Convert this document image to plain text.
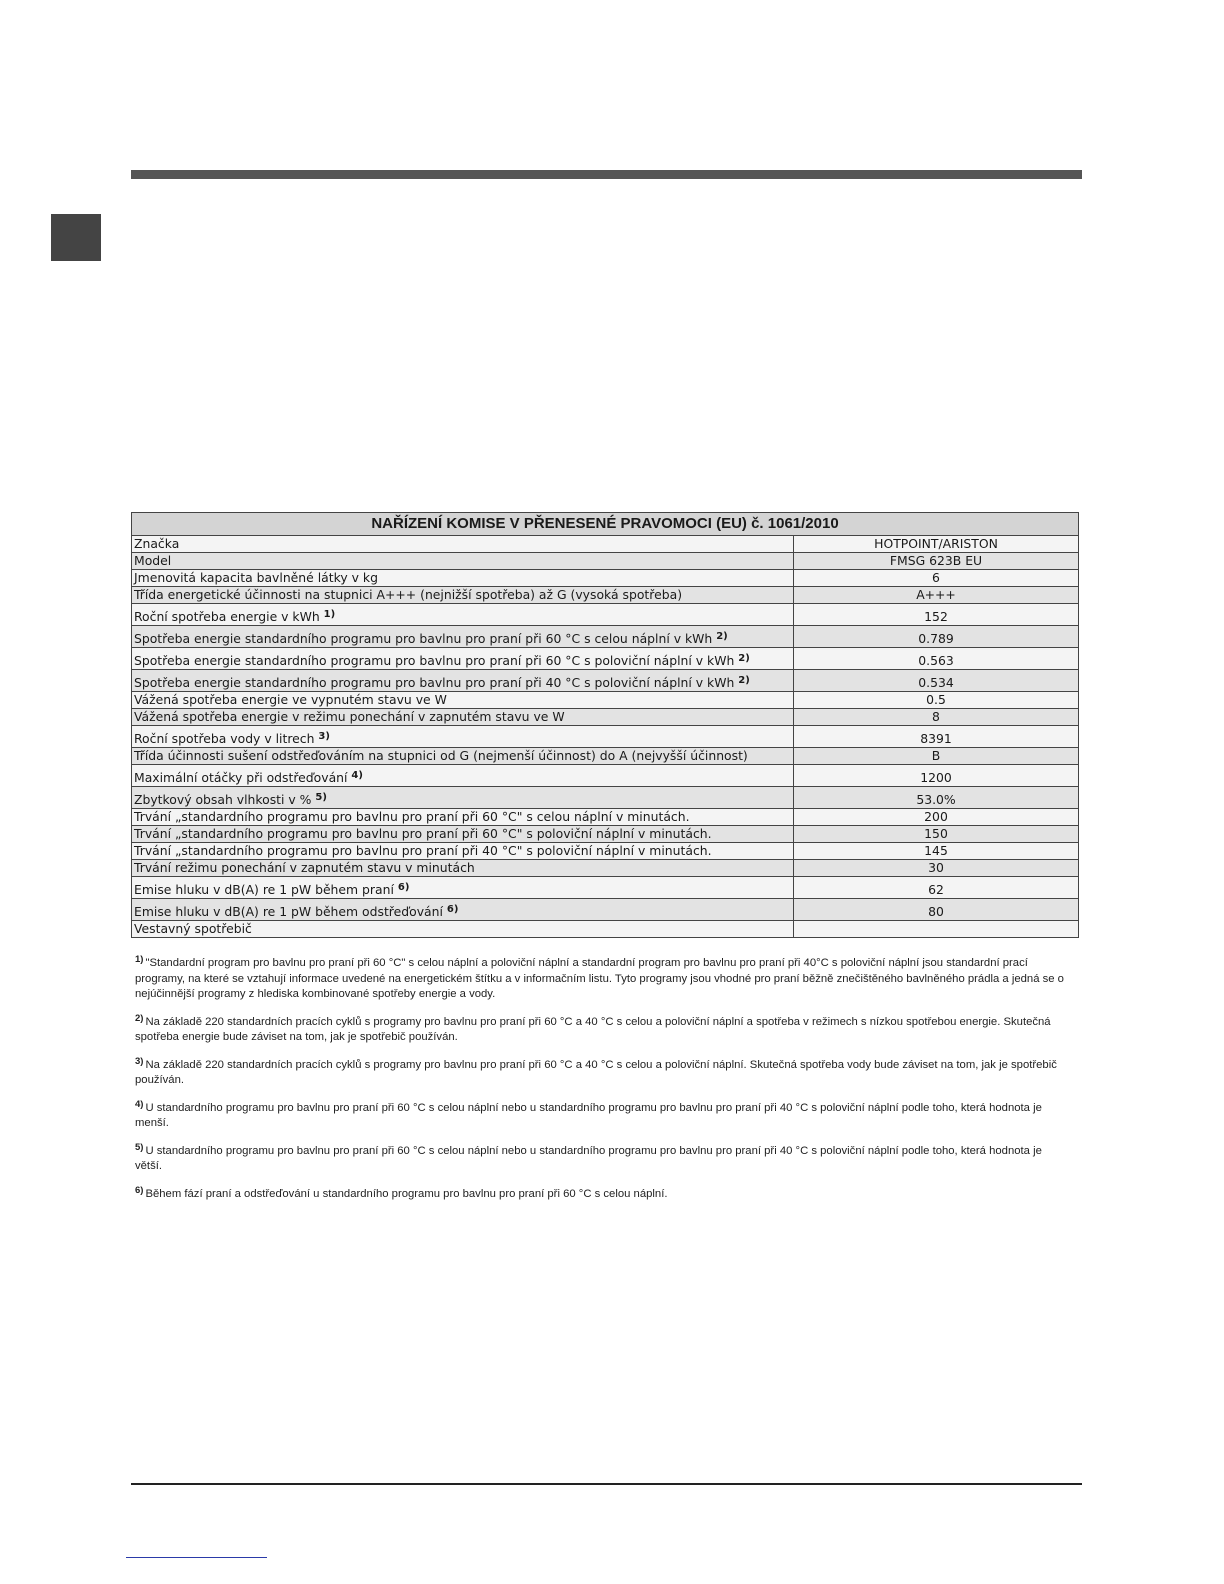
NAŘÍZENÍ KOMISE V PŘENESENÉ PRAVOMOCI (EU) č. 1061/2010	
Značka	HOTPOINT/ARISTON
Model	FMSG 623B EU
Jmenovitá kapacita bavlněné látky v kg	6
Třída energetické účinnosti na stupnici A+++ (nejnižší spotřeba) až G (vysoká spotřeba)	A+++
Roční spotřeba energie v kWh $^{1)}$	152
Spotřeba energie standardního programu pro bavlnu pro praní při 60 °C s celou náplní v kWh $^{2)}$	0.789
Spotřeba energie standardního programu pro bavlnu pro praní při 60 °C s poloviční náplní v kWh $^{2)}$	0.563
Spotřeba energie standardního programu pro bavlnu pro praní při 40 °C s poloviční náplní v kWh $^{2)}$	0.534
Vážená spotřeba energie ve vypnutém stavu ve W	0.5
Vážená spotřeba energie v režimu ponechání v zapnutém stavu ve W	8
Roční spotřeba vody v litrech $^{3)}$	8391
Třída účinnosti sušení odstřeďováním na stupnici od G (nejmenší účinnost) do A (nejvyšší účinnost)	B
Maximální otáčky při odstřeďování $^{4)}$	1200
Zbytkový obsah vlhkosti v % $^{5)}$	53.0%
Trvání „standardního programu pro bavlnu pro praní při 60 °C" s celou náplní v minutách.	200
Trvání „standardního programu pro bavlnu pro praní při 60 °C" s poloviční náplní v minutách.	150
Trvání „standardního programu pro bavlnu pro praní při 40 °C" s poloviční náplní v minutách.	145
Trvání režimu ponechání v zapnutém stavu v minutách	30
Emise hluku v dB(A) re 1 pW během praní $^{6)}$	62
Emise hluku v dB(A) re 1 pW během odstřeďování $^{6)}$	80
Vestavný spotřebič	

$^{1)}$ "Standardní program pro bavlnu pro praní při 60 °C" s celou náplní a poloviční náplní a standardní program pro bavlnu pro praní při 40°C s poloviční náplní jsou standardní prací programy, na které se vztahují informace uvedené na energetickém štítku a v informačním listu. Tyto programy jsou vhodné pro praní běžně znečištěného bavlněného prádla a jedná se o nejúčinnější programy z hlediska kombinované spotřeby energie a vody.

$^{2)}$ Na základě 220 standardních pracích cyklů s programy pro bavlnu pro praní při 60 °C a 40 °C s celou a poloviční náplní a spotřeba v režimech s nízkou spotřebou energie. Skutečná spotřeba energie bude záviset na tom, jak je spotřebič používán.

$^{3)}$ Na základě 220 standardních pracích cyklů s programy pro bavlnu pro praní při 60 °C a 40 °C s celou a poloviční náplní. Skutečná spotřeba vody bude záviset na tom, jak je spotřebič používán.

$^{4)}$ U standardního programu pro bavlnu pro praní při 60 °C s celou náplní nebo u standardního programu pro bavlnu pro praní při 40 °C s poloviční náplní podle toho, která hodnota je menší.

$^{5)}$ U standardního programu pro bavlnu pro praní při 60 °C s celou náplní nebo u standardního programu pro bavlnu pro praní při 40 °C s poloviční náplní podle toho, která hodnota je větší.

$^{6)}$ Během fází praní a odstřeďování u standardního programu pro bavlnu pro praní při 60 °C s celou náplní.
